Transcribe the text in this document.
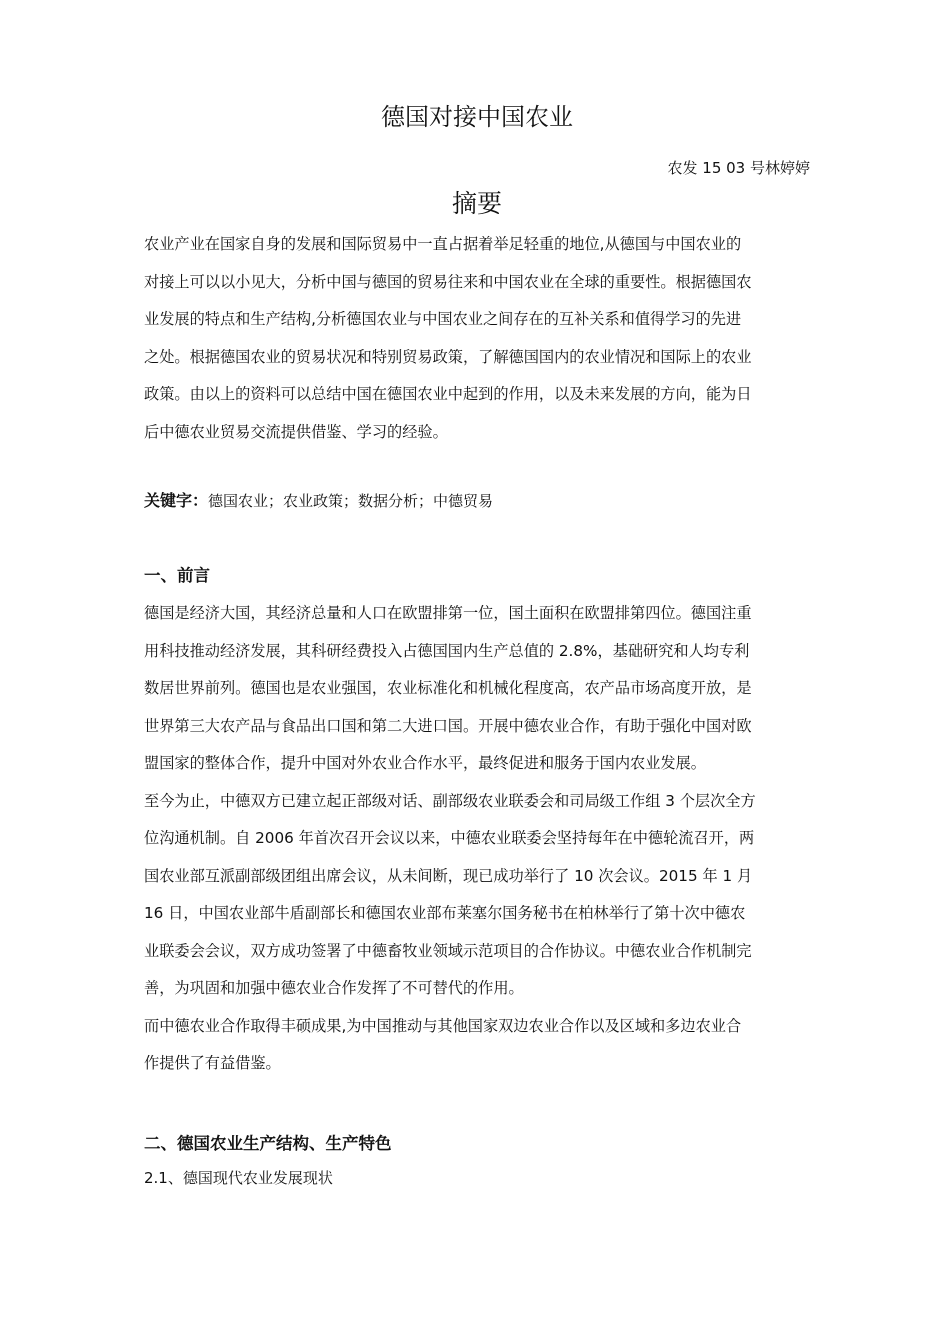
德国对接中国农业
农发 15 03 号林婷婷
摘要

农业产业在国家自身的发展和国际贸易中一直占据着举足轻重的地位,从德国与中国农业的

对接上可以以小见大，分析中国与德国的贸易往来和中国农业在全球的重要性。根据德国农

业发展的特点和生产结构,分析德国农业与中国农业之间存在的互补关系和值得学习的先进

之处。根据德国农业的贸易状况和特别贸易政策，了解德国国内的农业情况和国际上的农业

政策。由以上的资料可以总结中国在德国农业中起到的作用，以及未来发展的方向，能为日

后中德农业贸易交流提供借鉴、学习的经验。

关键字：德国农业；农业政策；数据分析；中德贸易
一、前言

德国是经济大国，其经济总量和人口在欧盟排第一位，国土面积在欧盟排第四位。德国注重

用科技推动经济发展，其科研经费投入占德国国内生产总值的 2.8%，基础研究和人均专利

数居世界前列。德国也是农业强国，农业标准化和机械化程度高，农产品市场高度开放，是

世界第三大农产品与食品出口国和第二大进口国。开展中德农业合作，有助于强化中国对欧

盟国家的整体合作，提升中国对外农业合作水平，最终促进和服务于国内农业发展。

至今为止，中德双方已建立起正部级对话、副部级农业联委会和司局级工作组 3 个层次全方

位沟通机制。自 2006 年首次召开会议以来，中德农业联委会坚持每年在中德轮流召开，两

国农业部互派副部级团组出席会议，从未间断，现已成功举行了 10 次会议。2015 年 1 月

16 日，中国农业部牛盾副部长和德国农业部布莱塞尔国务秘书在柏林举行了第十次中德农

业联委会会议，双方成功签署了中德畜牧业领域示范项目的合作协议。中德农业合作机制完

善，为巩固和加强中德农业合作发挥了不可替代的作用。

而中德农业合作取得丰硕成果,为中国推动与其他国家双边农业合作以及区域和多边农业合

作提供了有益借鉴。

二、德国农业生产结构、生产特色
2.1、德国现代农业发展现状
